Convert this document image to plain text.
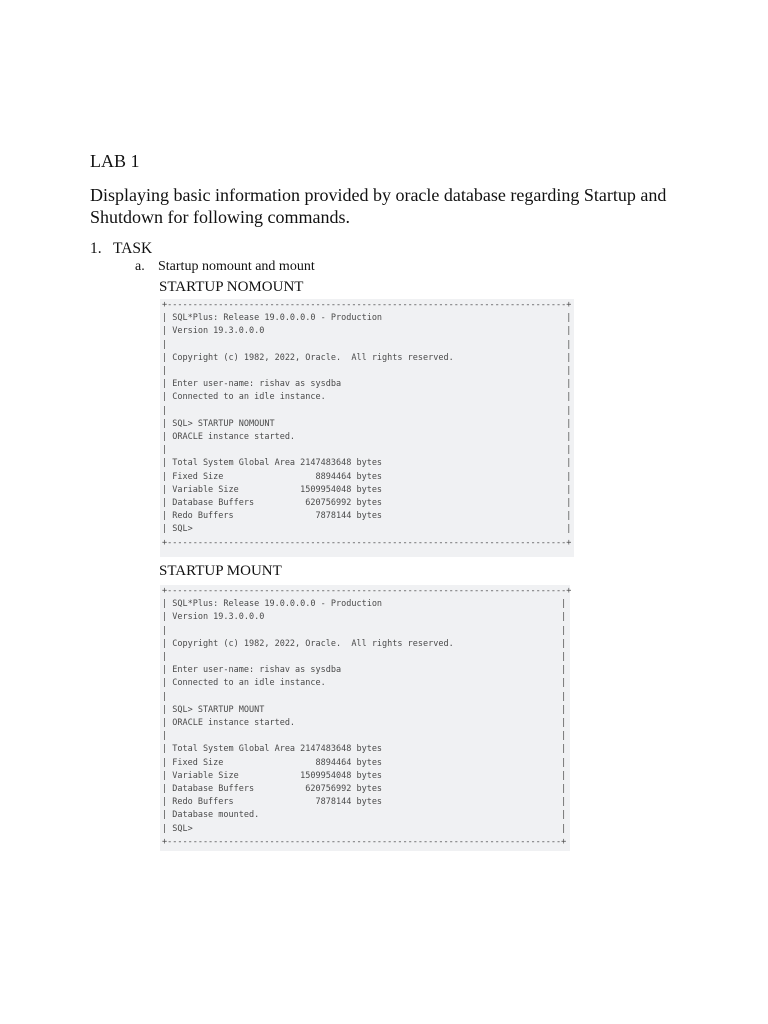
LAB 1
Displaying basic information provided by oracle database regarding Startup and Shutdown for following commands.
1. TASK
a. Startup nomount and mount
STARTUP NOMOUNT
+------------------------------------------------------------------------------+
| SQL*Plus: Release 19.0.0.0.0 - Production                                    |
| Version 19.3.0.0.0                                                           |
|                                                                              |
| Copyright (c) 1982, 2022, Oracle.  All rights reserved.                      |
|                                                                              |
| Enter user-name: rishav as sysdba                                            |
| Connected to an idle instance.                                               |
|                                                                              |
| SQL> STARTUP NOMOUNT                                                         |
| ORACLE instance started.                                                     |
|                                                                              |
| Total System Global Area 2147483648 bytes                                    |
| Fixed Size                  8894464 bytes                                    |
| Variable Size            1509954048 bytes                                    |
| Database Buffers          620756992 bytes                                    |
| Redo Buffers                7878144 bytes                                    |
| SQL>                                                                         |
+------------------------------------------------------------------------------+
STARTUP MOUNT
+------------------------------------------------------------------------------+
| SQL*Plus: Release 19.0.0.0.0 - Production                                   |
| Version 19.3.0.0.0                                                          |
|                                                                             |
| Copyright (c) 1982, 2022, Oracle.  All rights reserved.                     |
|                                                                             |
| Enter user-name: rishav as sysdba                                           |
| Connected to an idle instance.                                              |
|                                                                             |
| SQL> STARTUP MOUNT                                                          |
| ORACLE instance started.                                                    |
|                                                                             |
| Total System Global Area 2147483648 bytes                                   |
| Fixed Size                  8894464 bytes                                   |
| Variable Size            1509954048 bytes                                   |
| Database Buffers          620756992 bytes                                   |
| Redo Buffers                7878144 bytes                                   |
| Database mounted.                                                           |
| SQL>                                                                        |
+-----------------------------------------------------------------------------+
